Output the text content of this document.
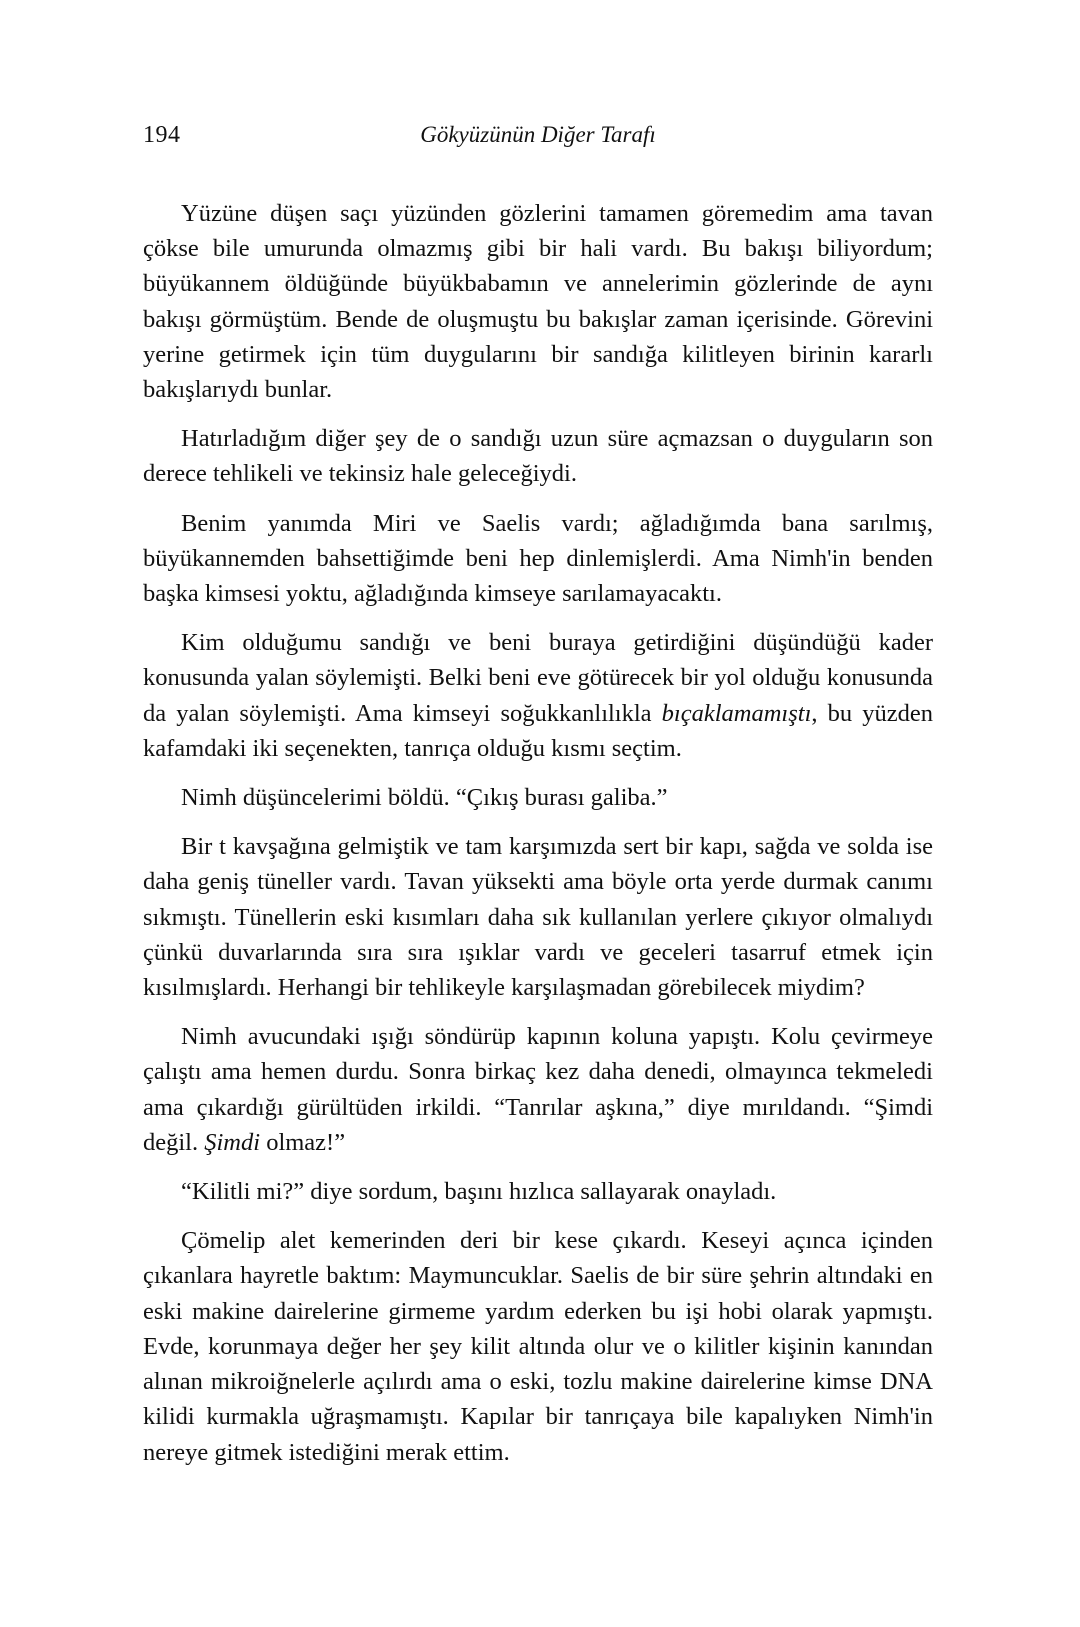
194	Gökyüzünün Diğer Tarafı

Yüzüne düşen saçı yüzünden gözlerini tamamen göremedim ama tavan çökse bile umurunda olmazmış gibi bir hali vardı. Bu bakışı biliyordum; büyükannem öldüğünde büyükbabamın ve annelerimin gözlerinde de aynı bakışı görmüştüm. Bende de oluşmuştu bu bakışlar zaman içerisinde. Görevini yerine getirmek için tüm duygularını bir sandığa kilitleyen birinin kararlı bakışlarıydı bunlar.

Hatırladığım diğer şey de o sandığı uzun süre açmazsan o duyguların son derece tehlikeli ve tekinsiz hale geleceğiydi.

Benim yanımda Miri ve Saelis vardı; ağladığımda bana sarılmış, büyükannemden bahsettiğimde beni hep dinlemişlerdi. Ama Nimh'in benden başka kimsesi yoktu, ağladığında kimseye sarılamayacaktı.

Kim olduğumu sandığı ve beni buraya getirdiğini düşündüğü kader konusunda yalan söylemişti. Belki beni eve götürecek bir yol olduğu konusunda da yalan söylemişti. Ama kimseyi soğukkanlılıkla bıçaklamamıştı, bu yüzden kafamdaki iki seçenekten, tanrıça olduğu kısmı seçtim.

Nimh düşüncelerimi böldü. “Çıkış burası galiba.”

Bir t kavşağına gelmiştik ve tam karşımızda sert bir kapı, sağda ve solda ise daha geniş tüneller vardı. Tavan yüksekti ama böyle orta yerde durmak canımı sıkmıştı. Tünellerin eski kısımları daha sık kullanılan yerlere çıkıyor olmalıydı çünkü duvarlarında sıra sıra ışıklar vardı ve geceleri tasarruf etmek için kısılmışlardı. Herhangi bir tehlikeyle karşılaşmadan görebilecek miydim?

Nimh avucundaki ışığı söndürüp kapının koluna yapıştı. Kolu çevirmeye çalıştı ama hemen durdu. Sonra birkaç kez daha denedi, olmayınca tekmeledi ama çıkardığı gürültüden irkildi. “Tanrılar aşkına,” diye mırıldandı. “Şimdi değil. Şimdi olmaz!”

“Kilitli mi?” diye sordum, başını hızlıca sallayarak onayladı.

Çömelip alet kemerinden deri bir kese çıkardı. Keseyi açınca içinden çıkanlara hayretle baktım: Maymuncuklar. Saelis de bir süre şehrin altındaki en eski makine dairelerine girmeme yardım ederken bu işi hobi olarak yapmıştı. Evde, korunmaya değer her şey kilit altında olur ve o kilitler kişinin kanından alınan mikroiğnelerle açılırdı ama o eski, tozlu makine dairelerine kimse DNA kilidi kurmakla uğraşmamıştı. Kapılar bir tanrıçaya bile kapalıyken Nimh'in nereye gitmek istediğini merak ettim.
